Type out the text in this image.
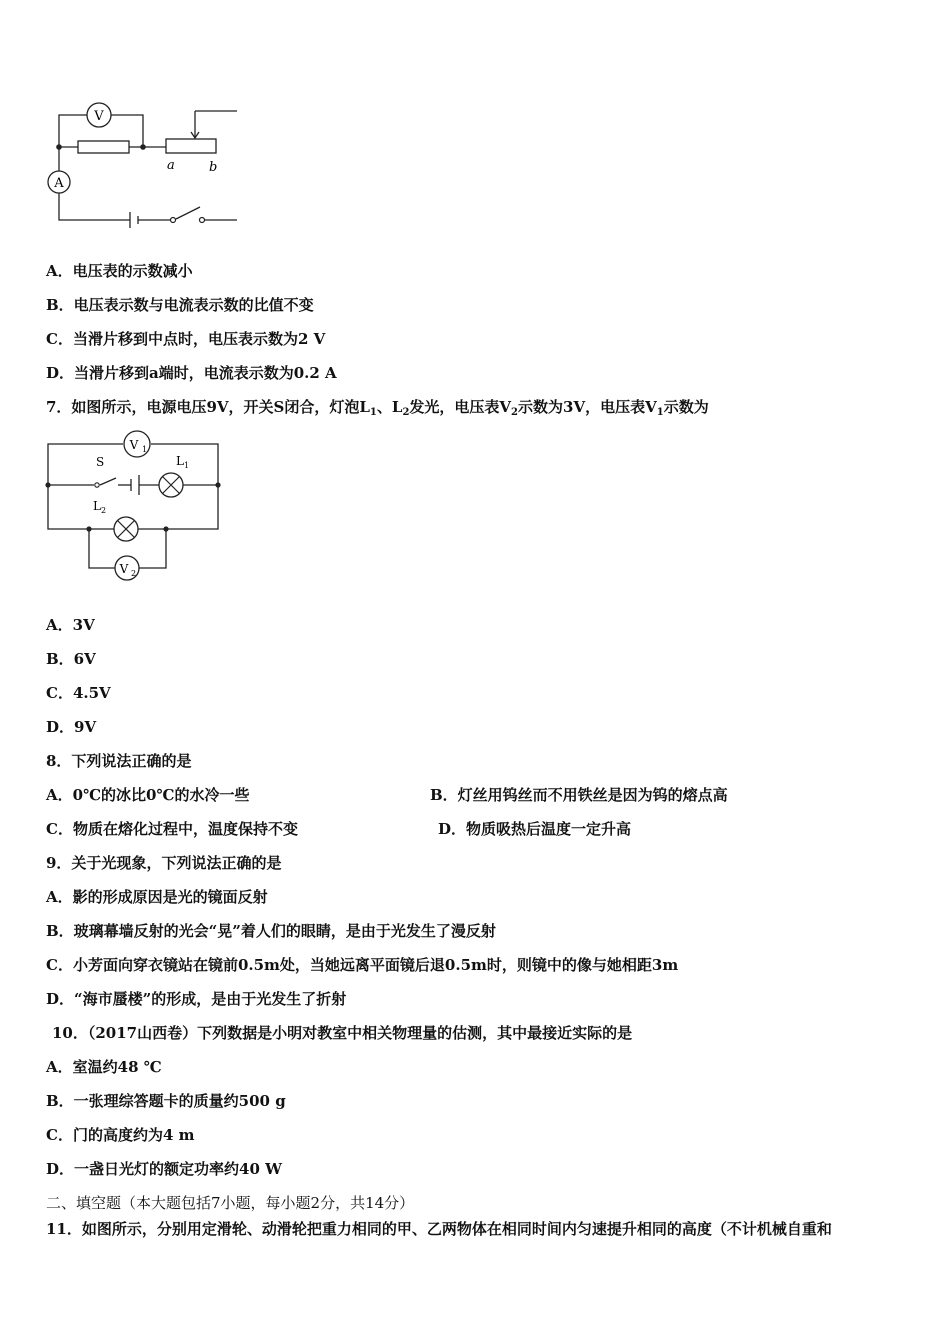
V
A
a	b
A．电压表的示数减小
B．电压表示数与电流表示数的比值不变
C．当滑片移到中点时，电压表示数为2 V
D．当滑片移到a端时，电流表示数为0.2 A
7．如图所示，电源电压9V，开关S闭合，灯泡$L_1$、$L_2$发光，电压表$V_2$示数为3V，电压表$V_1$示数为
V 1
S	L 1
L 2
V 2
A．3V
B．6V
C．4.5V
D．9V
8．下列说法正确的是
A．0℃的冰比0℃的水冷一些	B．灯丝用钨丝而不用铁丝是因为钨的熔点高
C．物质在熔化过程中，温度保持不变	D．物质吸热后温度一定升高
9．关于光现象，下列说法正确的是
A．影的形成原因是光的镜面反射
B．玻璃幕墙反射的光会“晃”着人们的眼睛，是由于光发生了漫反射
C．小芳面向穿衣镜站在镜前0.5m处，当她远离平面镜后退0.5m时，则镜中的像与她相距3m
D．“海市蜃楼”的形成，是由于光发生了折射
10．（2017山西卷）下列数据是小明对教室中相关物理量的估测，其中最接近实际的是
A．室温约48 ℃
B．一张理综答题卡的质量约500 g
C．门的高度约为4 m
D．一盏日光灯的额定功率约40 W
二、填空题（本大题包括7小题，每小题2分，共14分）
11．如图所示，分别用定滑轮、动滑轮把重力相同的甲、乙两物体在相同时间内匀速提升相同的高度（不计机械自重和
